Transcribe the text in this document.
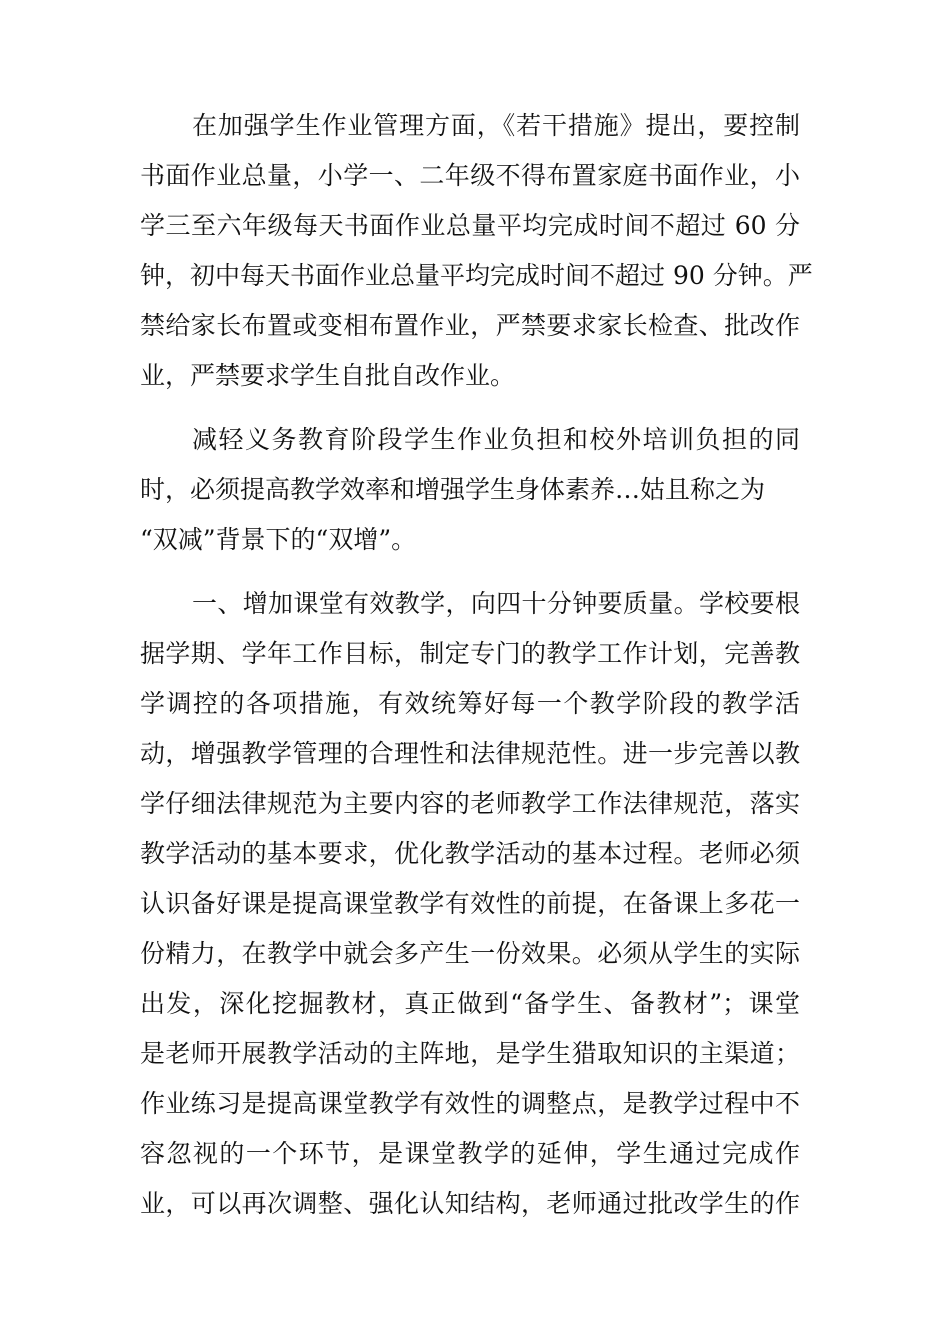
在加强学生作业管理方面，《若干措施》提出，要控制
书面作业总量，小学一、二年级不得布置家庭书面作业，小
学三至六年级每天书面作业总量平均完成时间不超过 60 分
钟，初中每天书面作业总量平均完成时间不超过 90 分钟。严
禁给家长布置或变相布置作业，严禁要求家长检查、批改作
业，严禁要求学生自批自改作业。
减轻义务教育阶段学生作业负担和校外培训负担的同
时，必须提高教学效率和增强学生身体素养…姑且称之为
“双减”背景下的“双增”。
一、增加课堂有效教学，向四十分钟要质量。学校要根
据学期、学年工作目标，制定专门的教学工作计划，完善教
学调控的各项措施，有效统筹好每一个教学阶段的教学活
动，增强教学管理的合理性和法律规范性。进一步完善以教
学仔细法律规范为主要内容的老师教学工作法律规范，落实
教学活动的基本要求，优化教学活动的基本过程。老师必须
认识备好课是提高课堂教学有效性的前提，在备课上多花一
份精力，在教学中就会多产生一份效果。必须从学生的实际
出发，深化挖掘教材，真正做到“备学生、备教材”；课堂
是老师开展教学活动的主阵地，是学生猎取知识的主渠道；
作业练习是提高课堂教学有效性的调整点，是教学过程中不
容忽视的一个环节，是课堂教学的延伸，学生通过完成作
业，可以再次调整、强化认知结构，老师通过批改学生的作
